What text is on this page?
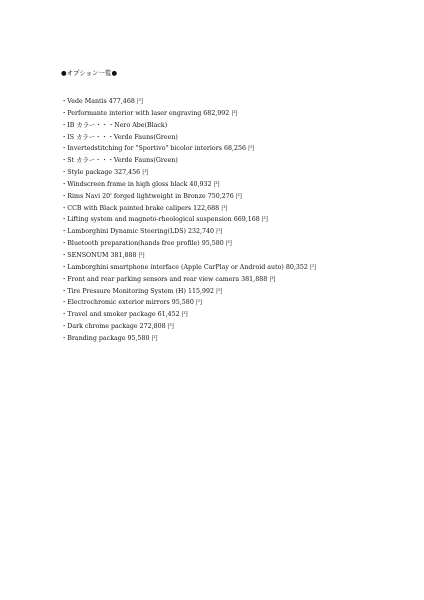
●オプション一覧●
・Vede Mantis 477,468 円
・Performante interior with laser engraving 682,992 円
・IB カラー・・・Nero Abe(Black)
・IS カラー・・・Verde Fauns(Green)
・Invertedstitching for "Sportivo" bicolor interiors 68,256 円
・St カラー・・・Verde Fauns(Green)
・Style package 327,456 円
・Windscreen frame in high gloss black 40,932 円
・Rims Navi 20' forged lightweight in Bronze 750,276 円
・CCB with Black painted brake calipers 122,688 円
・Lifting system and magneto-rheological suspension 669,168 円
・Lamborghini Dynamic Steering(LDS) 232,740 円
・Bluetooth preparation(hands free profile) 95,580 円
・SENSONUM 381,888 円
・Lamborghini smartphone interface (Apple CarPlay or Android auto) 80,352 円
・Front and rear parking sensors and rear view camera 381,888 円
・Tire Pressure Monitoring System (H) 115,992 円
・Electrochromic exterior mirrors 95,580 円
・Travel and smoker package 61,452 円
・Dark chrome package 272,808 円
・Branding package 95,580 円
